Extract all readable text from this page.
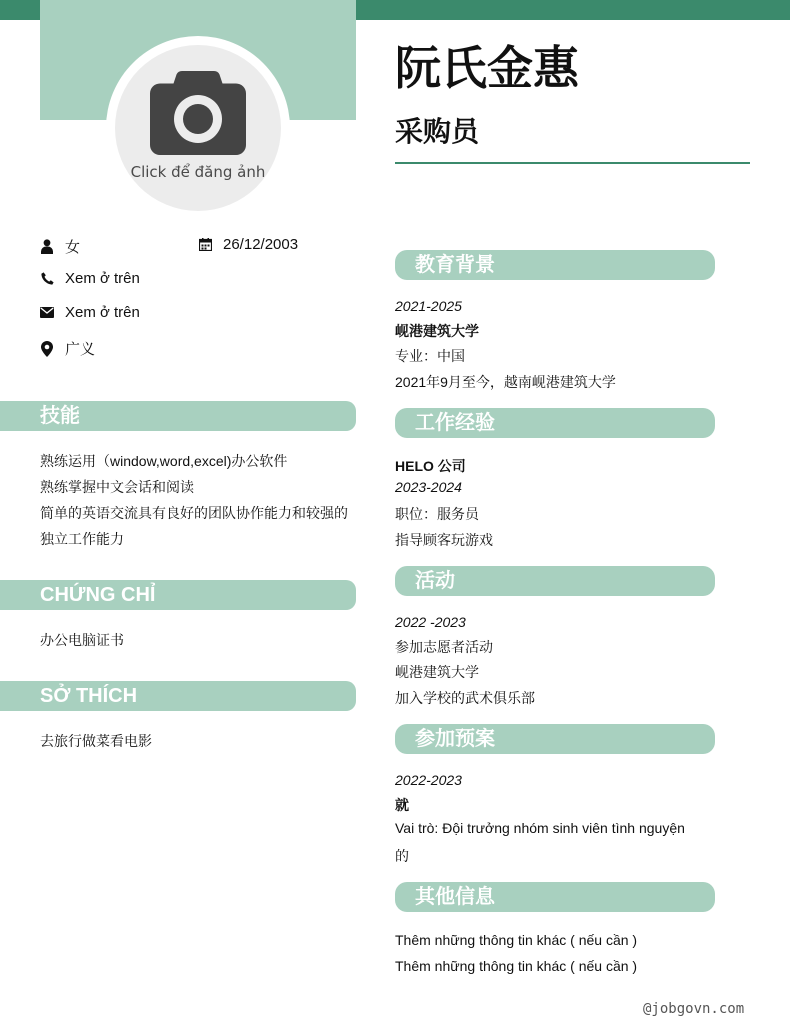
Click để đăng ảnh
阮氏金惠
采购员
女	26/12/2003
Xem ở trên
Xem ở trên
广义
技能
熟练运用（window,word,excel)办公软件
熟练掌握中文会话和阅读
简单的英语交流具有良好的团队协作能力和较强的
独立工作能力
CHỨNG CHỈ
办公电脑证书
SỞ THÍCH
去旅行做菜看电影
教育背景
2021-2025
岘港建筑大学
专业：中国
2021年9月至今，越南岘港建筑大学
工作经验
HELO 公司
2023-2024
职位：服务员
指导顾客玩游戏
活动
2022 -2023
参加志愿者活动
岘港建筑大学
加入学校的武术俱乐部
参加预案
2022-2023
就
Vai trò: Đội trưởng nhóm sinh viên tình nguyện
的
其他信息
Thêm những thông tin khác ( nếu cần )
Thêm những thông tin khác ( nếu cần )
@jobgovn.com
